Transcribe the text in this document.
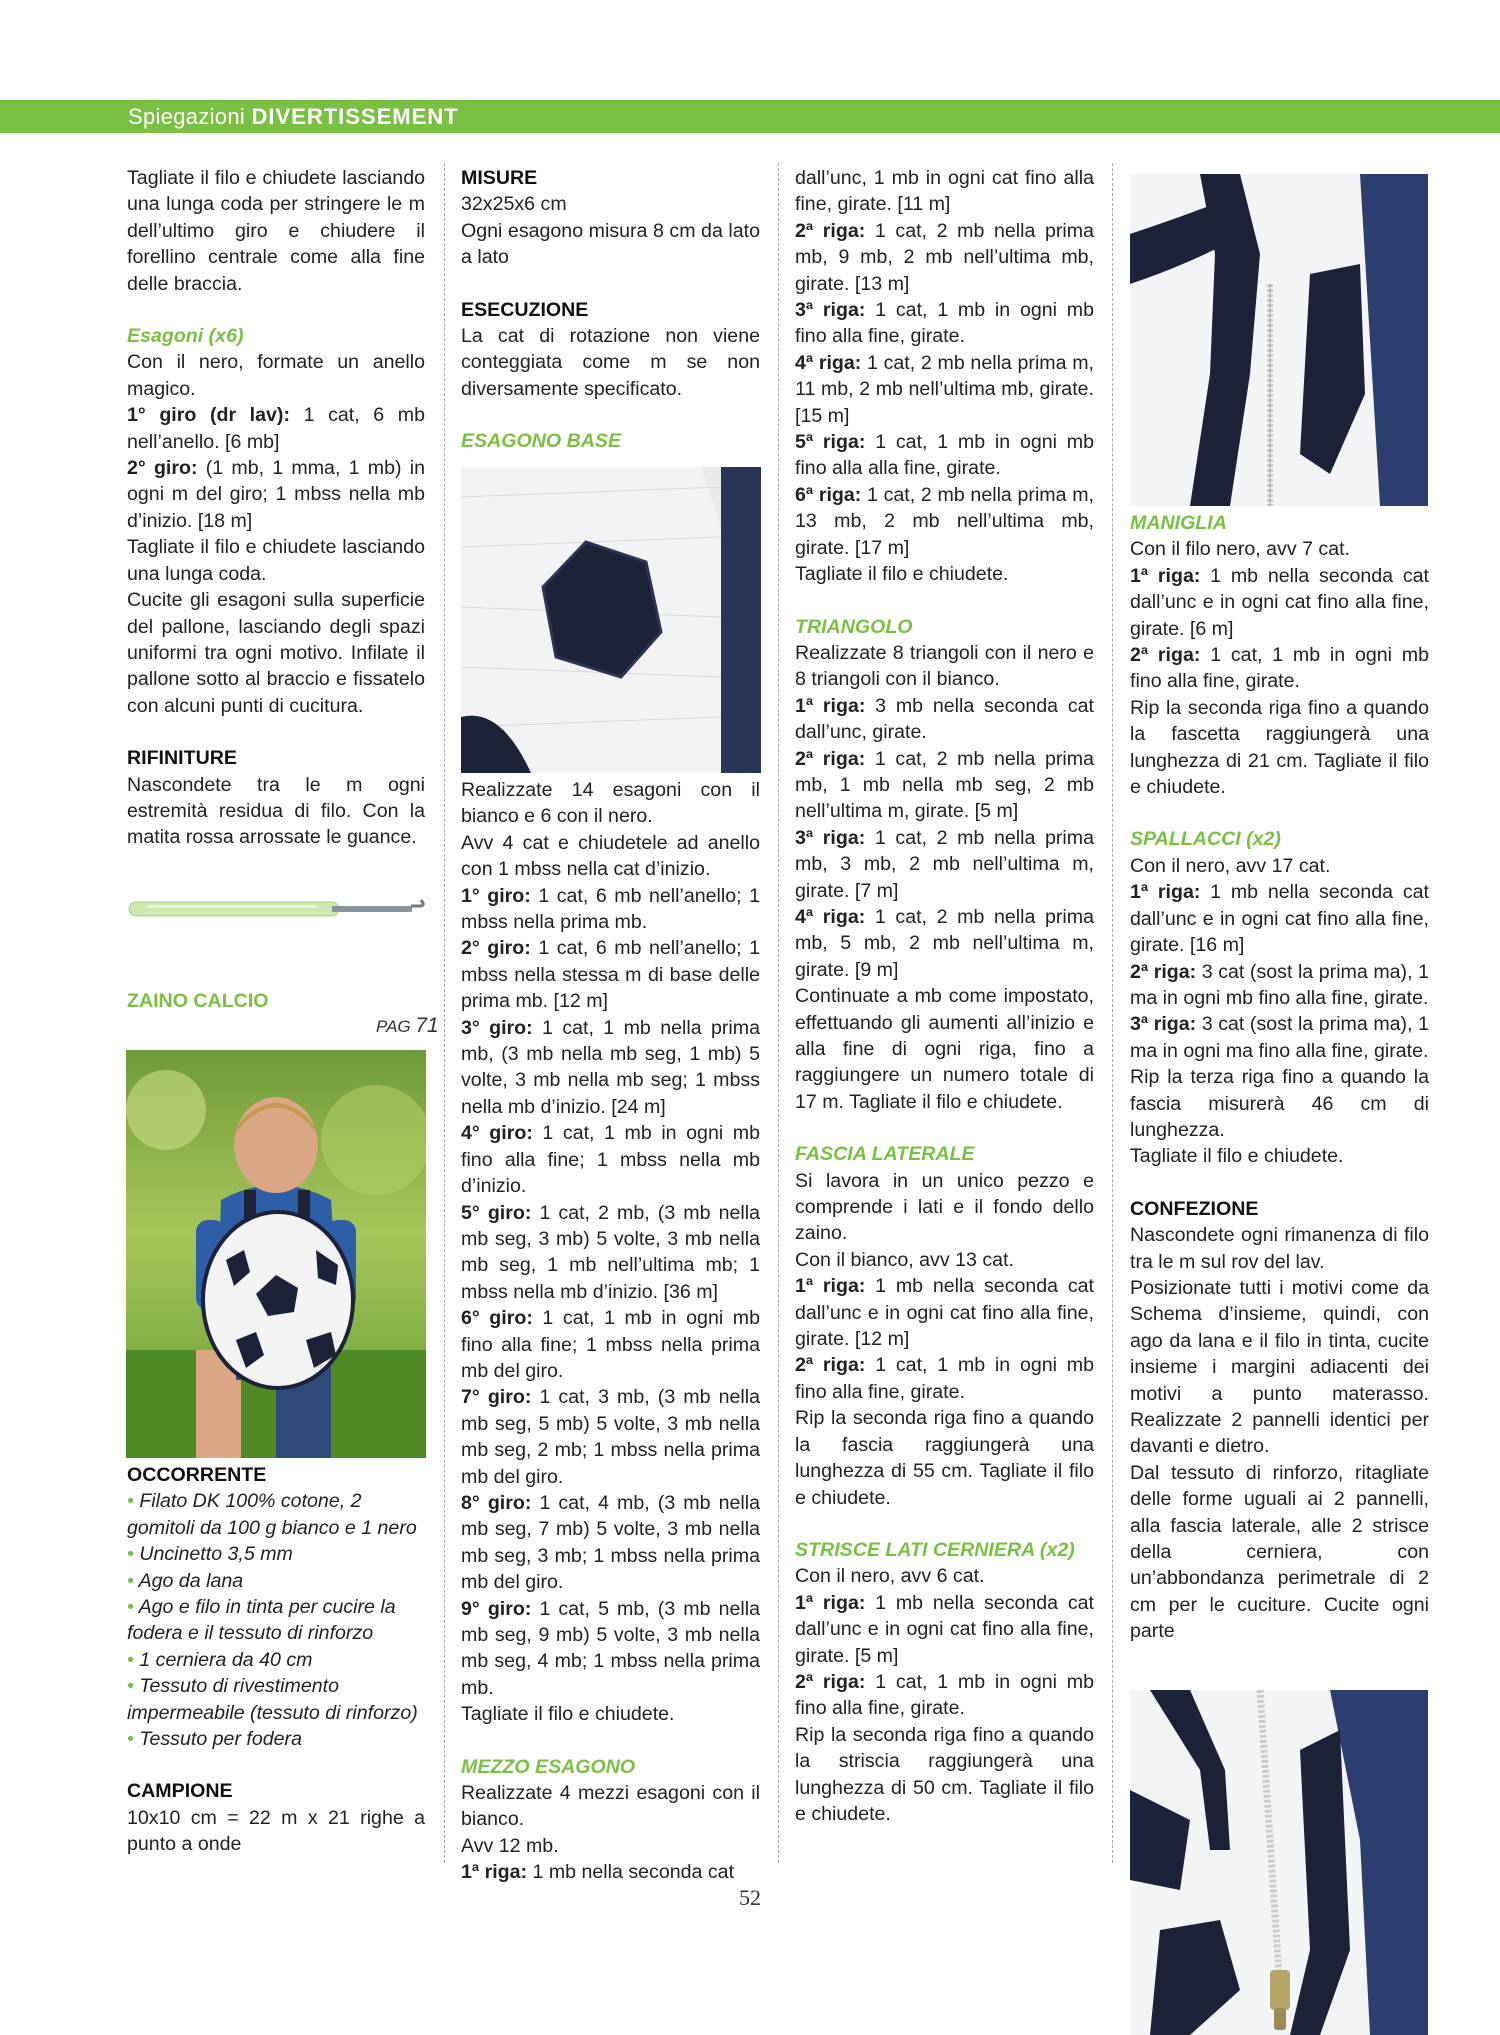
Spiegazioni DIVERTISSEMENT

Tagliate il filo e chiudete lasciando una lunga coda per stringere le m dell’ultimo giro e chiudere il forellino centrale come alla fine delle braccia.

Esagoni (x6)

Con il nero, formate un anello magico.

1° giro (dr lav): 1 cat, 6 mb nell’anello. [6 mb]

2° giro: (1 mb, 1 mma, 1 mb) in ogni m del giro; 1 mbss nella mb d’inizio. [18 m]

Tagliate il filo e chiudete lasciando una lunga coda.

Cucite gli esagoni sulla superficie del pallone, lasciando degli spazi uniformi tra ogni motivo. Infilate il pallone sotto al braccio e fissatelo con alcuni punti di cucitura.

RIFINITURE

Nascondete tra le m ogni estremità residua di filo. Con la matita rossa arrossate le guance.

ZAINO CALCIO

PAG 71

OCCORRENTE

• Filato DK 100% cotone, 2 gomitoli da 100 g bianco e 1 nero

• Uncinetto 3,5 mm

• Ago da lana

• Ago e filo in tinta per cucire la fodera e il tessuto di rinforzo

• 1 cerniera da 40 cm

• Tessuto di rivestimento impermeabile (tessuto di rinforzo)

• Tessuto per fodera

CAMPIONE

10x10 cm = 22 m x 21 righe a punto a onde

MISURE

32x25x6 cm

Ogni esagono misura 8 cm da lato a lato

ESECUZIONE

La cat di rotazione non viene conteggiata come m se non diversamente specificato.

ESAGONO BASE

Realizzate 14 esagoni con il bianco e 6 con il nero.

Avv 4 cat e chiudetele ad anello con 1 mbss nella cat d’inizio.

1° giro: 1 cat, 6 mb nell’anello; 1 mbss nella prima mb.

2° giro: 1 cat, 6 mb nell’anello; 1 mbss nella stessa m di base delle prima mb. [12 m]

3° giro: 1 cat, 1 mb nella prima mb, (3 mb nella mb seg, 1 mb) 5 volte, 3 mb nella mb seg; 1 mbss nella mb d’inizio. [24 m]

4° giro: 1 cat, 1 mb in ogni mb fino alla fine; 1 mbss nella mb d’inizio.

5° giro: 1 cat, 2 mb, (3 mb nella mb seg, 3 mb) 5 volte, 3 mb nella mb seg, 1 mb nell’ultima mb; 1 mbss nella mb d’inizio. [36 m]

6° giro: 1 cat, 1 mb in ogni mb fino alla fine; 1 mbss nella prima mb del giro.

7° giro: 1 cat, 3 mb, (3 mb nella mb seg, 5 mb) 5 volte, 3 mb nella mb seg, 2 mb; 1 mbss nella prima mb del giro.

8° giro: 1 cat, 4 mb, (3 mb nella mb seg, 7 mb) 5 volte, 3 mb nella mb seg, 3 mb; 1 mbss nella prima mb del giro.

9° giro: 1 cat, 5 mb, (3 mb nella mb seg, 9 mb) 5 volte, 3 mb nella mb seg, 4 mb; 1 mbss nella prima mb.

Tagliate il filo e chiudete.

MEZZO ESAGONO

Realizzate 4 mezzi esagoni con il bianco.

Avv 12 mb.

1ª riga: 1 mb nella seconda cat

dall’unc, 1 mb in ogni cat fino alla fine, girate. [11 m]

2ª riga: 1 cat, 2 mb nella prima mb, 9 mb, 2 mb nell’ultima mb, girate. [13 m]

3ª riga: 1 cat, 1 mb in ogni mb fino alla fine, girate.

4ª riga: 1 cat, 2 mb nella prima m, 11 mb, 2 mb nell’ultima mb, girate. [15 m]

5ª riga: 1 cat, 1 mb in ogni mb fino alla alla fine, girate.

6ª riga: 1 cat, 2 mb nella prima m, 13 mb, 2 mb nell’ultima mb, girate. [17 m]

Tagliate il filo e chiudete.

TRIANGOLO

Realizzate 8 triangoli con il nero e 8 triangoli con il bianco.

1ª riga: 3 mb nella seconda cat dall’unc, girate.

2ª riga: 1 cat, 2 mb nella prima mb, 1 mb nella mb seg, 2 mb nell’ultima m, girate. [5 m]

3ª riga: 1 cat, 2 mb nella prima mb, 3 mb, 2 mb nell’ultima m, girate. [7 m]

4ª riga: 1 cat, 2 mb nella prima mb, 5 mb, 2 mb nell’ultima m, girate. [9 m]

Continuate a mb come impostato, effettuando gli aumenti all’inizio e alla fine di ogni riga, fino a raggiungere un numero totale di 17 m. Tagliate il filo e chiudete.

FASCIA LATERALE

Si lavora in un unico pezzo e comprende i lati e il fondo dello zaino.

Con il bianco, avv 13 cat.

1ª riga: 1 mb nella seconda cat dall’unc e in ogni cat fino alla fine, girate. [12 m]

2ª riga: 1 cat, 1 mb in ogni mb fino alla fine, girate.

Rip la seconda riga fino a quando la fascia raggiungerà una lunghezza di 55 cm. Tagliate il filo e chiudete.

STRISCE LATI CERNIERA (x2)

Con il nero, avv 6 cat.

1ª riga: 1 mb nella seconda cat dall’unc e in ogni cat fino alla fine, girate. [5 m]

2ª riga: 1 cat, 1 mb in ogni mb fino alla fine, girate.

Rip la seconda riga fino a quando la striscia raggiungerà una lunghezza di 50 cm. Tagliate il filo e chiudete.

MANIGLIA

Con il filo nero, avv 7 cat.

1ª riga: 1 mb nella seconda cat dall’unc e in ogni cat fino alla fine, girate. [6 m]

2ª riga: 1 cat, 1 mb in ogni mb fino alla fine, girate.

Rip la seconda riga fino a quando la fascetta raggiungerà una lunghezza di 21 cm. Tagliate il filo e chiudete.

SPALLACCI (x2)

Con il nero, avv 17 cat.

1ª riga: 1 mb nella seconda cat dall’unc e in ogni cat fino alla fine, girate. [16 m]

2ª riga: 3 cat (sost la prima ma), 1 ma in ogni mb fino alla fine, girate.

3ª riga: 3 cat (sost la prima ma), 1 ma in ogni ma fino alla fine, girate.

Rip la terza riga fino a quando la fascia misurerà 46 cm di lunghezza.

Tagliate il filo e chiudete.

CONFEZIONE

Nascondete ogni rimanenza di filo tra le m sul rov del lav.

Posizionate tutti i motivi come da Schema d’insieme, quindi, con ago da lana e il filo in tinta, cucite insieme i margini adiacenti dei motivi a punto materasso. Realizzate 2 pannelli identici per davanti e dietro.

Dal tessuto di rinforzo, ritagliate delle forme uguali ai 2 pannelli, alla fascia laterale, alle 2 strisce della cerniera, con un’abbondanza perimetrale di 2 cm per le cuciture. Cucite ogni parte

52
